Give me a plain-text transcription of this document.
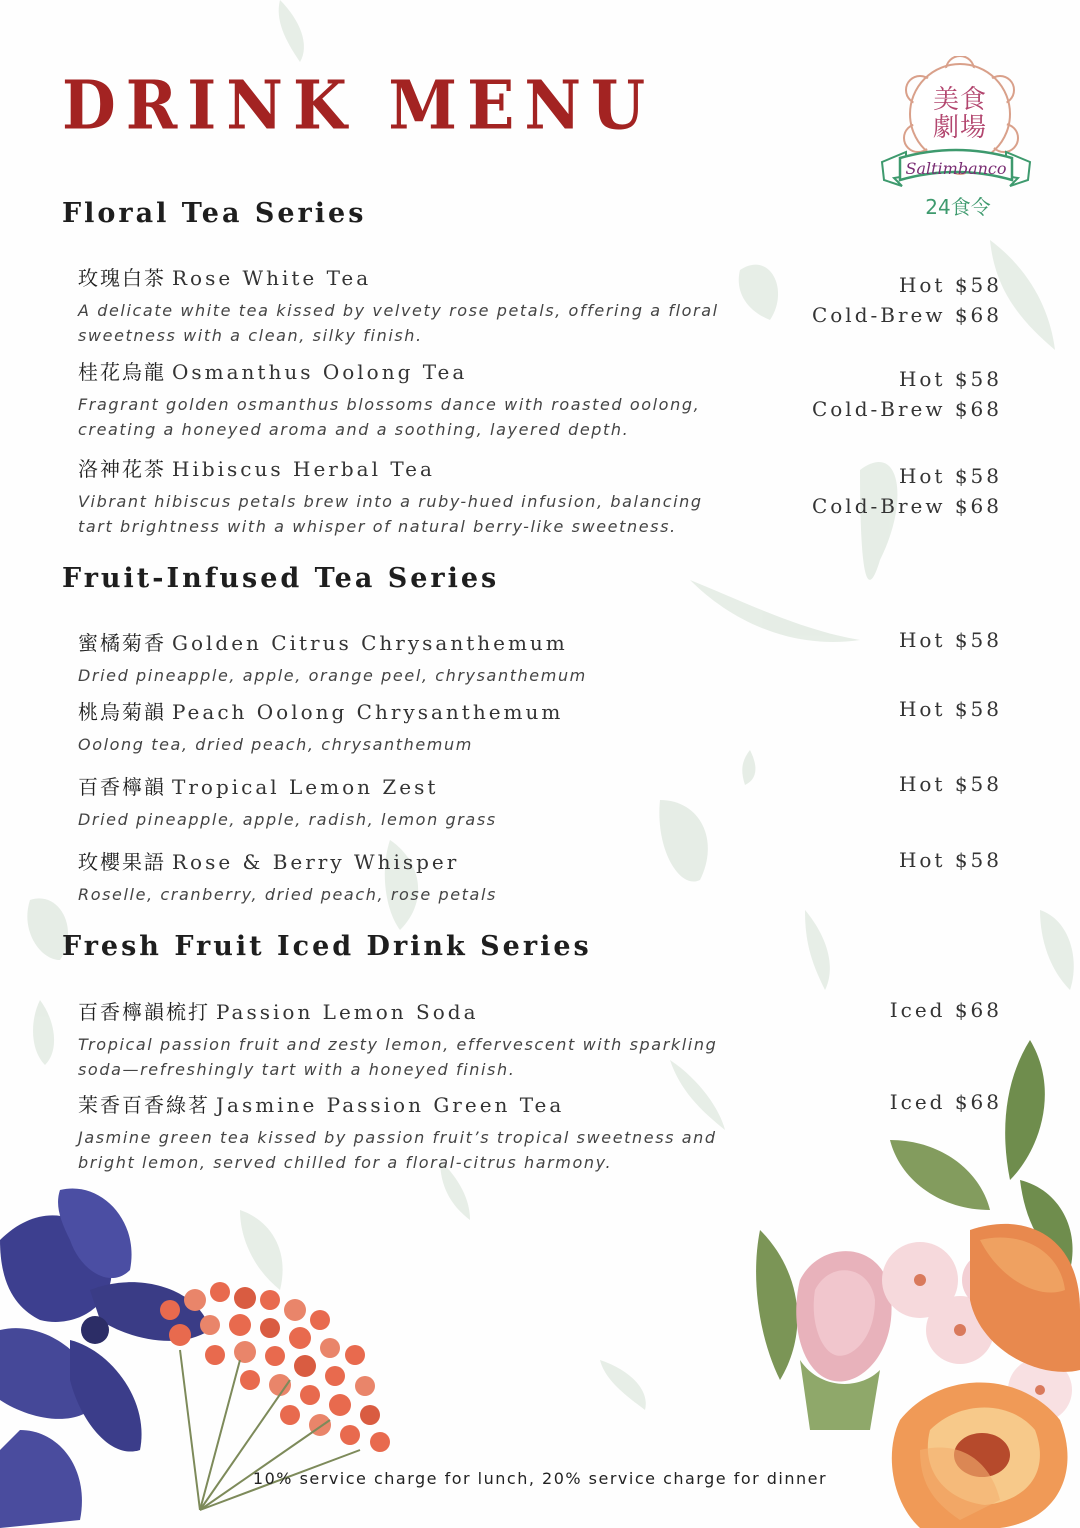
DRINK MENU	美食
劇場
Saltimbanco
24食令
Floral Tea Series
玫瑰白茶 Rose White Tea
A delicate white tea kissed by velvety rose petals, offering a floral sweetness with a clean, silky finish.
Hot $58
Cold-Brew $68
桂花烏龍 Osmanthus Oolong Tea
Fragrant golden osmanthus blossoms dance with roasted oolong, creating a honeyed aroma and a soothing, layered depth.
Hot $58
Cold-Brew $68
洛神花茶 Hibiscus Herbal Tea
Vibrant hibiscus petals brew into a ruby-hued infusion, balancing tart brightness with a whisper of natural berry-like sweetness.
Hot $58
Cold-Brew $68
Fruit-Infused Tea Series
蜜橘菊香 Golden Citrus Chrysanthemum
Dried pineapple, apple, orange peel, chrysanthemum
Hot $58
桃烏菊韻 Peach Oolong Chrysanthemum
Oolong tea, dried peach, chrysanthemum
Hot $58
百香檸韻 Tropical Lemon Zest
Dried pineapple, apple, radish, lemon grass
Hot $58
玫櫻果語 Rose & Berry Whisper
Roselle, cranberry, dried peach, rose petals
Hot $58
Fresh Fruit Iced Drink Series
百香檸韻梳打 Passion Lemon Soda
Tropical passion fruit and zesty lemon, effervescent with sparkling soda—refreshingly tart with a honeyed finish.
Iced $68
茉香百香綠茗 Jasmine Passion Green Tea
Jasmine green tea kissed by passion fruit’s tropical sweetness and bright lemon, served chilled for a floral-citrus harmony.
Iced $68
10% service charge for lunch, 20% service charge for dinner
